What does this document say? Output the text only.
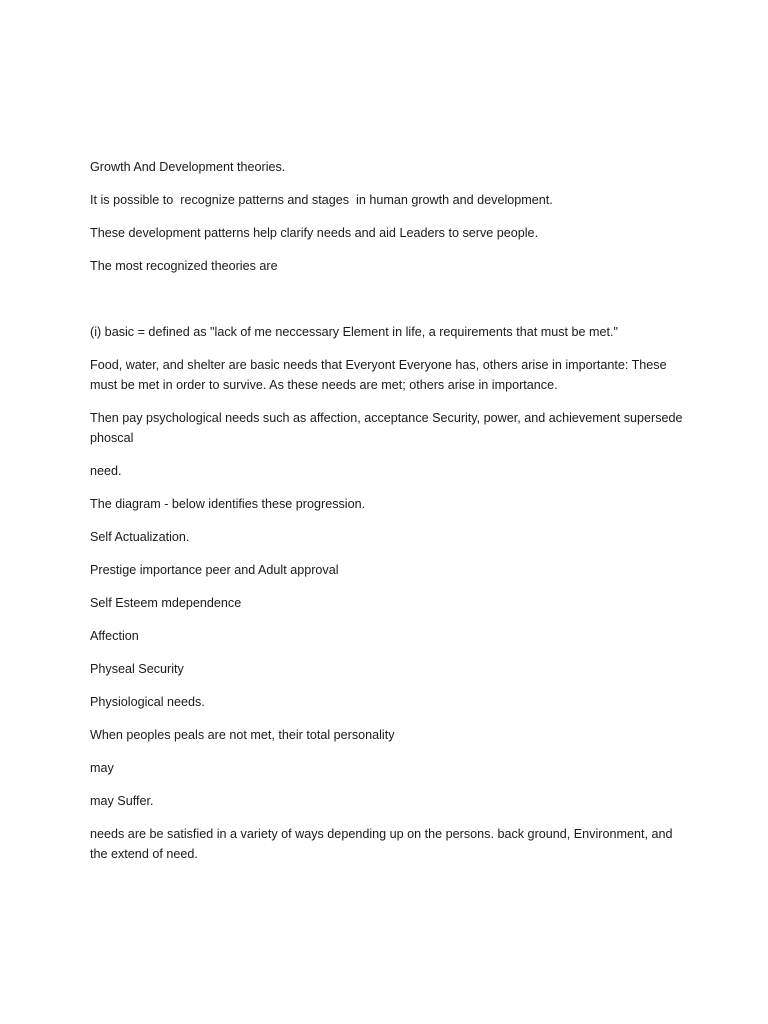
Growth And Development theories.

It is possible to  recognize patterns and stages  in human growth and development.

These development patterns help clarify needs and aid Leaders to serve people.

The most recognized theories are

(i) basic = defined as "lack of me neccessary Element in life, a requirements that must be met."

Food, water, and shelter are basic needs that Everyont Everyone has, others arise in importante: These must be met in order to survive. As these needs are met; others arise in importance.

Then pay psychological needs such as affection, acceptance Security, power, and achievement supersede phoscal

need.

The diagram - below identifies these progression.

Self Actualization.

Prestige importance peer and Adult approval

Self Esteem mdependence

Affection

Physeal Security

Physiological needs.

When peoples peals are not met, their total personality

may

may Suffer.

needs are be satisfied in a variety of ways depending up on the persons. back ground, Environment, and the extend of need.
